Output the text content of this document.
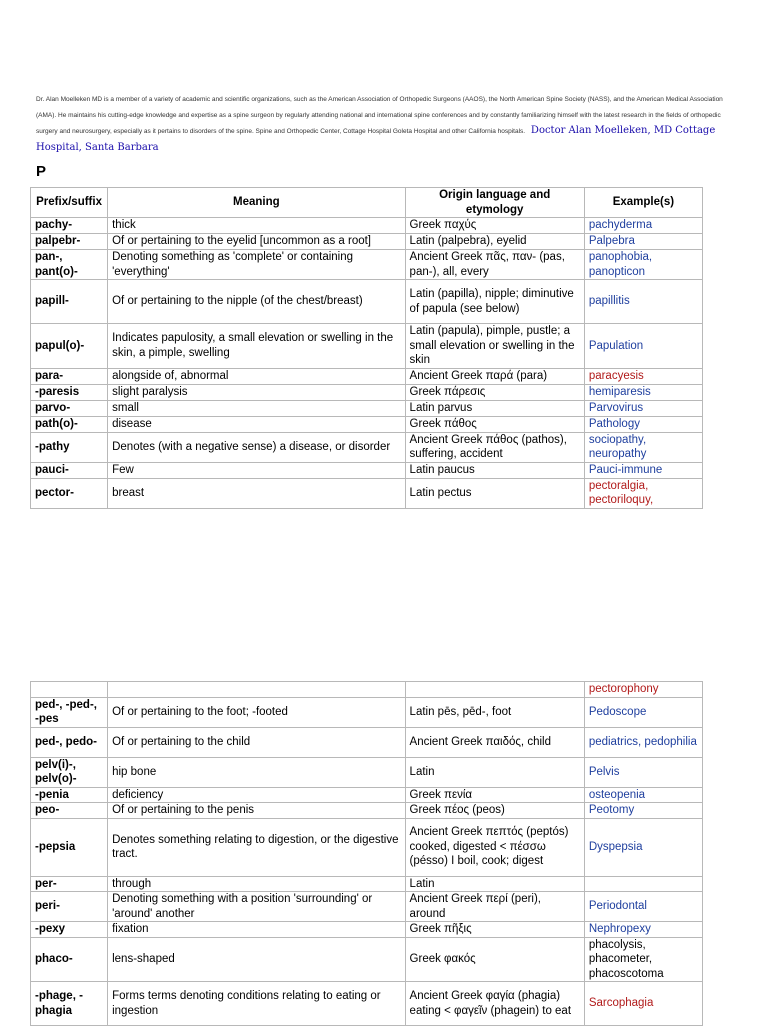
Dr. Alan Moelleken MD is a member of a variety of academic and scientific organizations, such as the American Association of Orthopedic Surgeons (AAOS), the North American Spine Society (NASS), and the American Medical Association (AMA). He maintains his cutting-edge knowledge and expertise as a spine surgeon by regularly attending national and international spine conferences and by constantly familiarizing himself with the latest research in the fields of orthopedic surgery and neurosurgery, especially as it pertains to disorders of the spine. Spine and Orthopedic Center, Cottage Hospital Goleta Hospital and other California hospitals. Doctor Alan Moelleken, MD Cottage Hospital, Santa Barbara
P
Prefix/suffix	Meaning	Origin language and etymology	Example(s)
pachy-	thick	Greek παχύς	pachyderma
palpebr-	Of or pertaining to the eyelid [uncommon as a root]	Latin (palpebra), eyelid	Palpebra
pan-, pant(o)-	Denoting something as 'complete' or containing 'everything'	Ancient Greek πᾶς, παν- (pas, pan-), all, every	panophobia, panopticon
papill-	Of or pertaining to the nipple (of the chest/breast)	Latin (papilla), nipple; diminutive of papula (see below)	papillitis
papul(o)-	Indicates papulosity, a small elevation or swelling in the skin, a pimple, swelling	Latin (papula), pimple, pustle; a small elevation or swelling in the skin	Papulation
para-	alongside of, abnormal	Ancient Greek παρά (para)	paracyesis
-paresis	slight paralysis	Greek πάρεσις	hemiparesis
parvo-	small	Latin parvus	Parvovirus
path(o)-	disease	Greek πάθος	Pathology
-pathy	Denotes (with a negative sense) a disease, or disorder	Ancient Greek πάθος (pathos), suffering, accident	sociopathy, neuropathy
pauci-	Few	Latin paucus	Pauci-immune
pector-	breast	Latin pectus	pectoralgia, pectoriloquy,
			pectorophony
ped-, -ped-, -pes	Of or pertaining to the foot; -footed	Latin pēs, pēd-, foot	Pedoscope
ped-, pedo-	Of or pertaining to the child	Ancient Greek παιδός, child	pediatrics, pedophilia
pelv(i)-, pelv(o)-	hip bone	Latin	Pelvis
-penia	deficiency	Greek πενία	osteopenia
peo-	Of or pertaining to the penis	Greek πέος (peos)	Peotomy
-pepsia	Denotes something relating to digestion, or the digestive tract.	Ancient Greek πεπτός (peptós) cooked, digested < πέσσω (pésso) I boil, cook; digest	Dyspepsia
per-	through	Latin	
peri-	Denoting something with a position 'surrounding' or 'around' another	Ancient Greek περί (peri), around	Periodontal
-pexy	fixation	Greek πῆξις	Nephropexy
phaco-	lens-shaped	Greek φακός	phacolysis, phacometer, phacoscotoma
-phage, -phagia	Forms terms denoting conditions relating to eating or ingestion	Ancient Greek φαγία (phagia) eating < φαγεῖν (phagein) to eat	Sarcophagia
